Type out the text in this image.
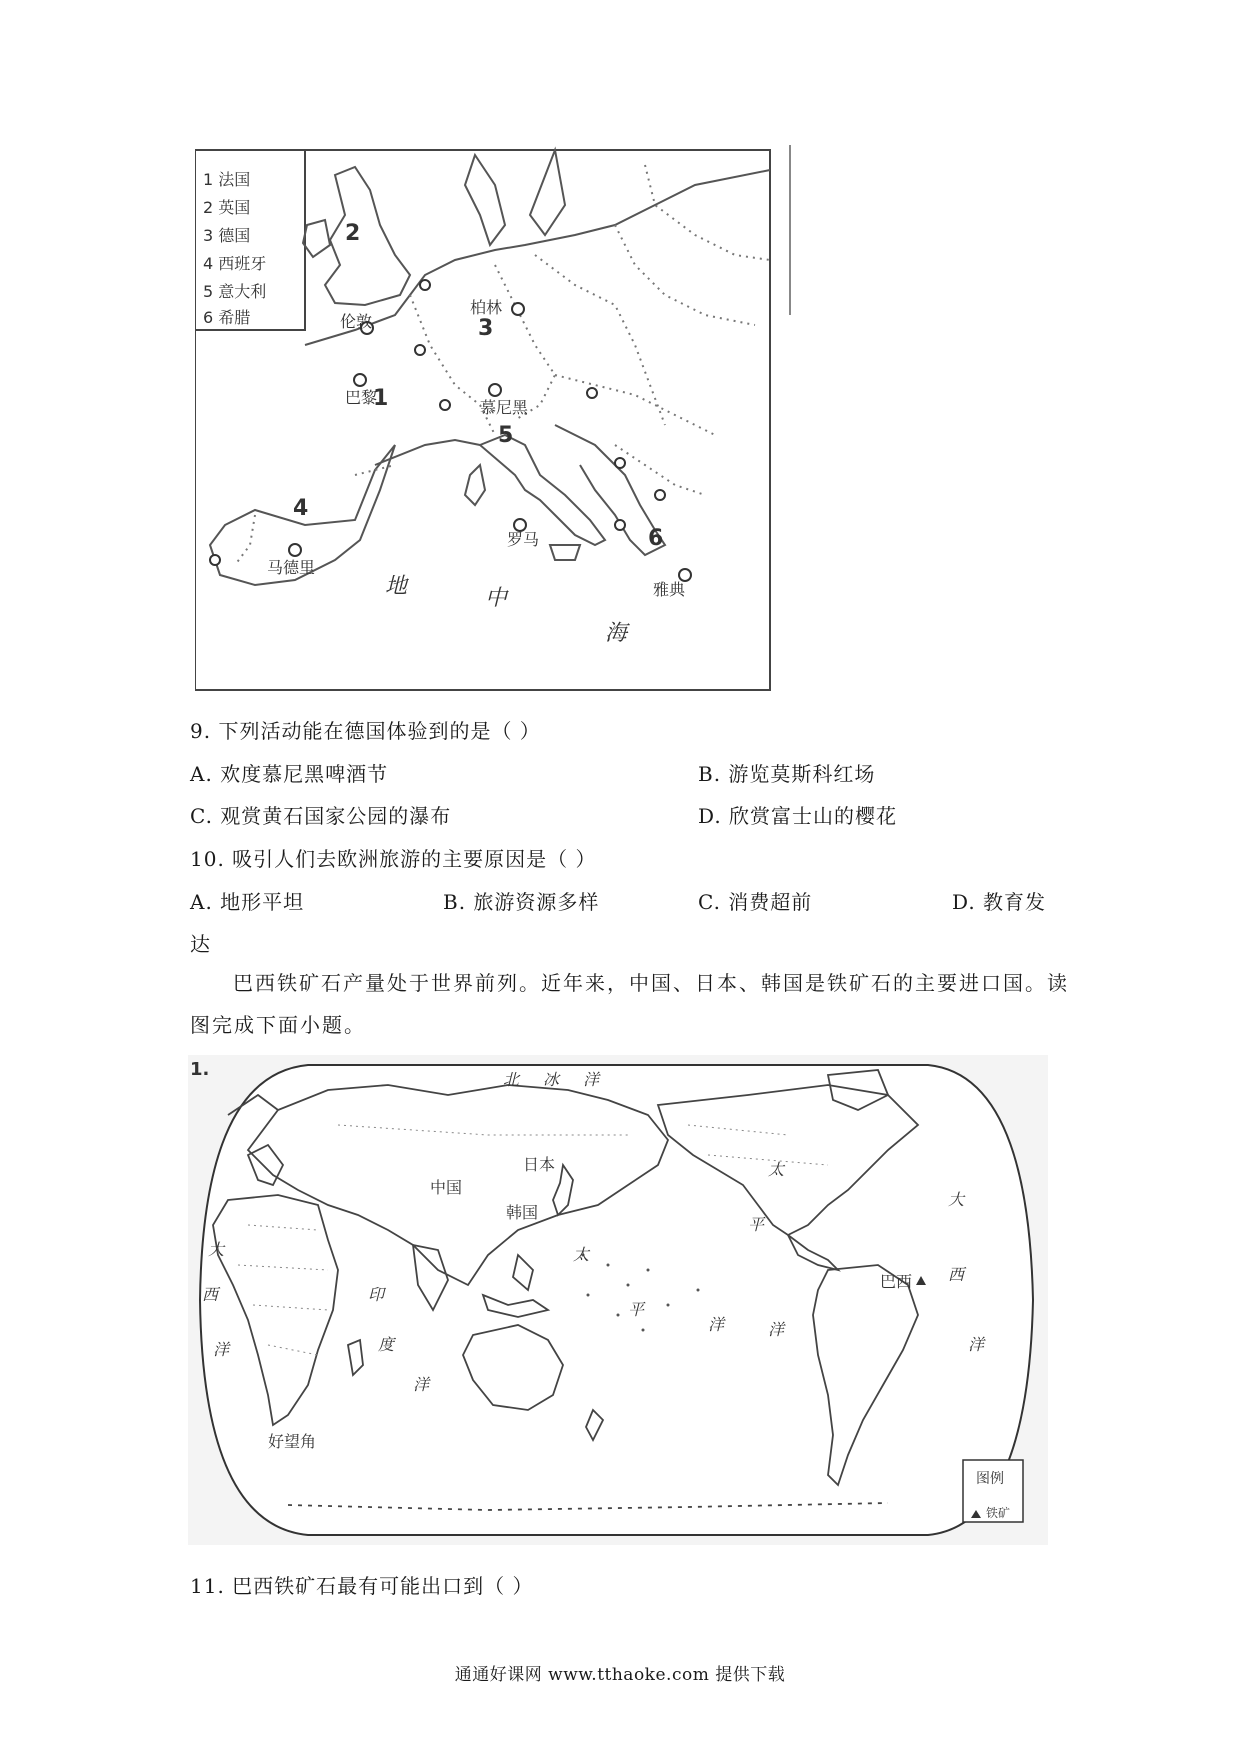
1 法国
2 英国
3 德国
4 西班牙
5 意大利
6 希腊
2
3
1
5
4
6
伦敦
柏林
巴黎
慕尼黑
马德里
罗马
雅典
地	中
海
9. 下列活动能在德国体验到的是（ ）
A. 欢度慕尼黑啤酒节	B. 游览莫斯科红场
C. 观赏黄石国家公园的瀑布	D. 欣赏富士山的樱花
10. 吸引人们去欧洲旅游的主要原因是（ ）
A. 地形平坦	B. 旅游资源多样	C. 消费超前	D. 教育发
达
巴西铁矿石产量处于世界前列。近年来，中国、日本、韩国是铁矿石的主要进口国。读
图完成下面小题。
1.	北 冰 洋
太
平
洋
太
平
洋
印
度
洋
大
西
洋
大
西
洋
中国
日本
韩国
巴西
好望角
图例
铁矿
11. 巴西铁矿石最有可能出口到（ ）
通通好课网 www.tthaoke.com 提供下载
